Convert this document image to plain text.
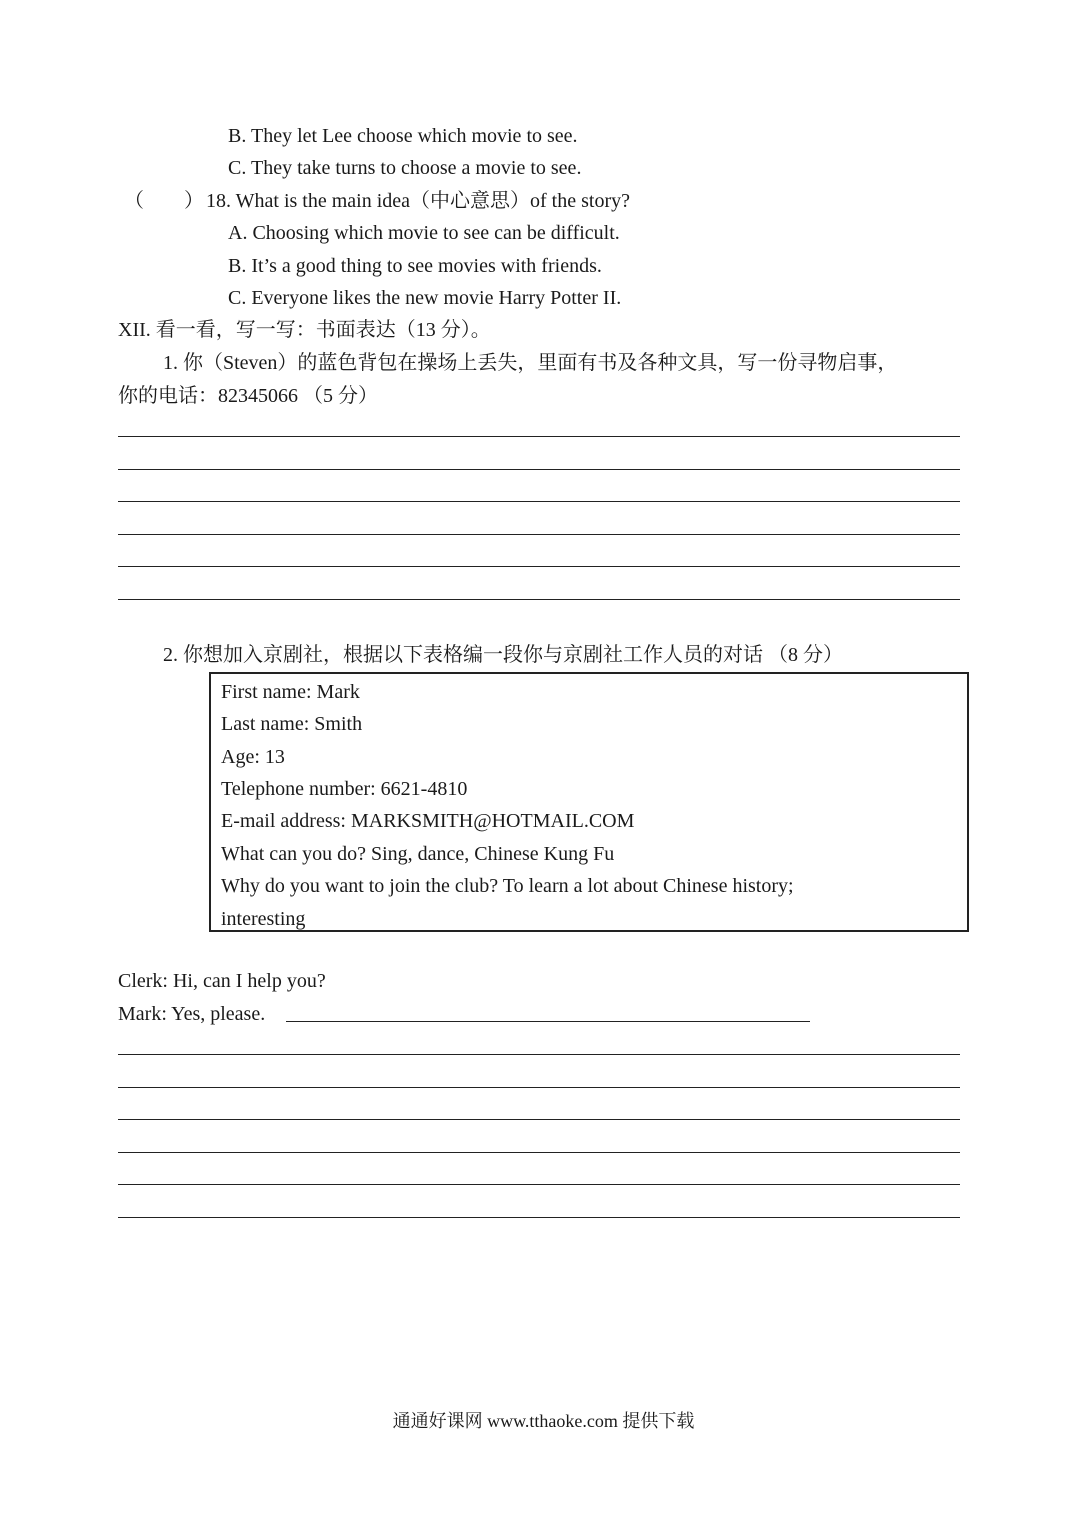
B. They let Lee choose which movie to see.
C. They take turns to choose a movie to see.
（　　） 18. What is the main idea（中心意思）of the story?
A. Choosing which movie to see can be difficult.
B. It’s a good thing to see movies with friends.
C. Everyone likes the new movie Harry Potter II.
XII. 看一看，写一写：书面表达（13 分）。
1. 你（Steven）的蓝色背包在操场上丢失，里面有书及各种文具，写一份寻物启事，
你的电话：82345066 （5 分）
2. 你想加入京剧社，根据以下表格编一段你与京剧社工作人员的对话 （8 分）
First name: Mark
Last name: Smith
Age: 13
Telephone number: 6621-4810
E-mail address: MARKSMITH@HOTMAIL.COM
What can you do? Sing, dance, Chinese Kung Fu
Why do you want to join the club? To learn a lot about Chinese history;
interesting
Clerk: Hi, can I help you?
Mark: Yes, please.
通通好课网 www.tthaoke.com 提供下载
